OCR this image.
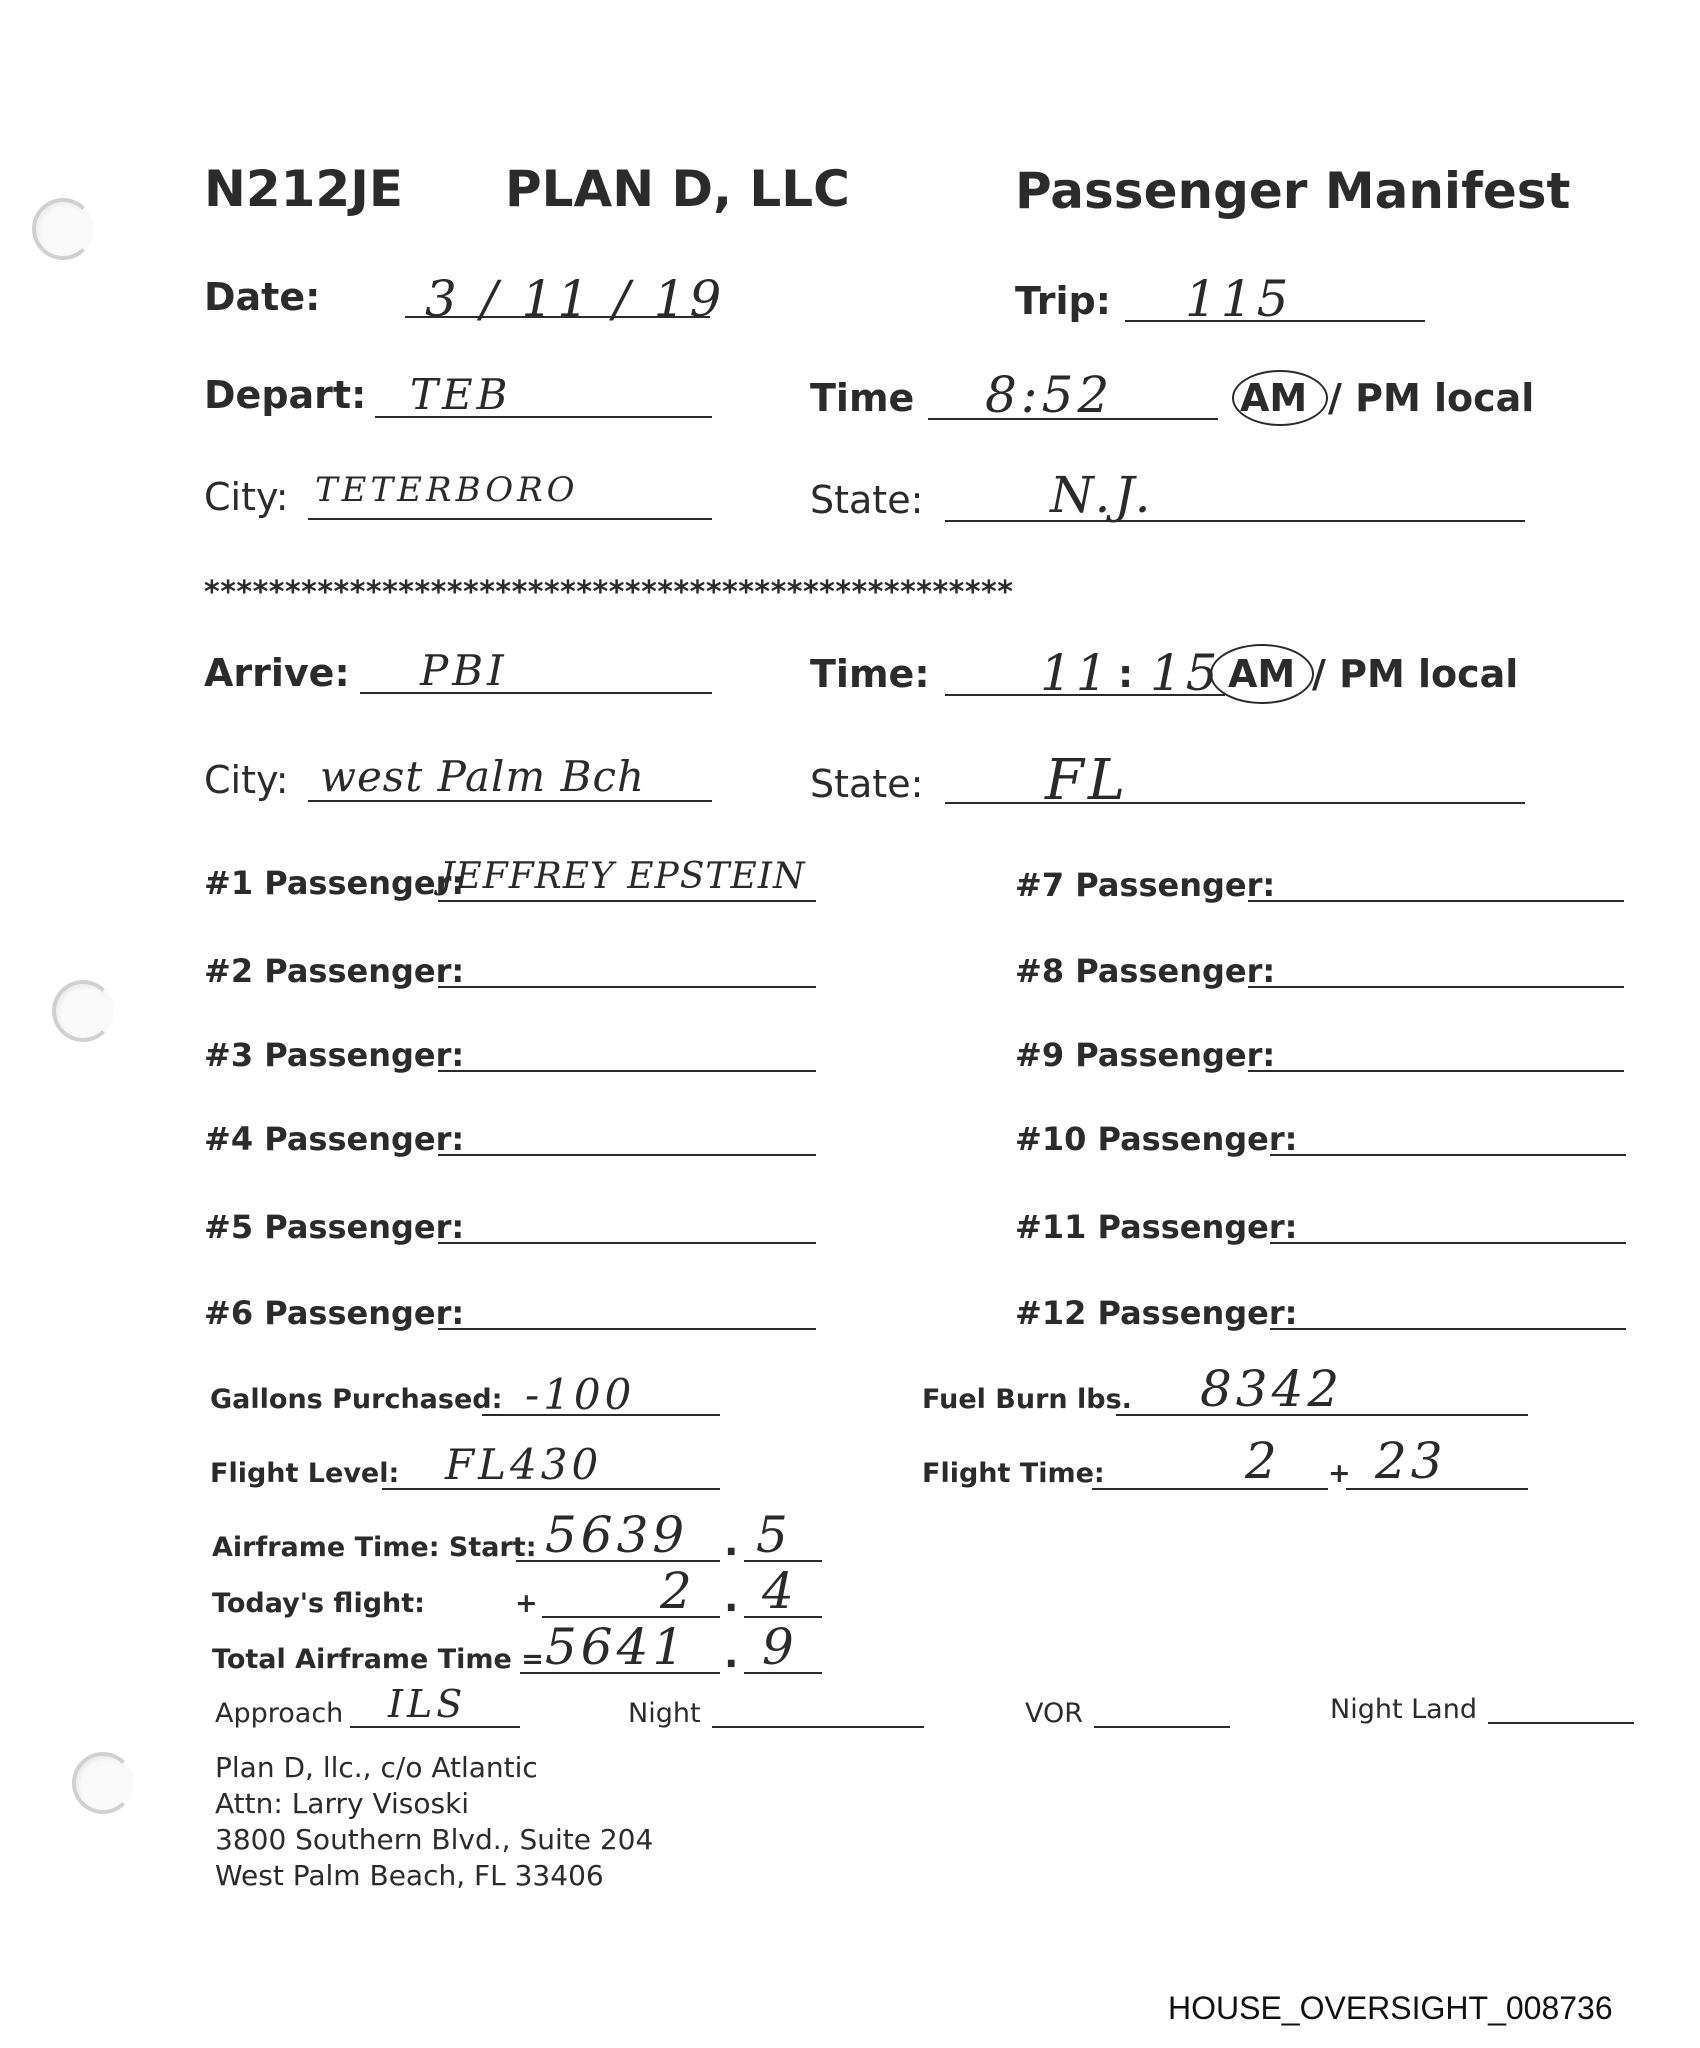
N212JE PLAN D, LLC	Passenger Manifest
Date: 3 / 11 / 19	Trip: 115
Depart: TEB	Time 8:52	AM / PM local
City: TETERBORO	State:	N.J.
**************************************************
Arrive: PBI	Time: 11 : 15 AM / PM local
City: west Palm Bch	State: FL
#1 Passenger:
JEFFREY EPSTEIN
#2 Passenger:
#3 Passenger:
#4 Passenger:
#5 Passenger:
#6 Passenger:
#7 Passenger:
#8 Passenger:
#9 Passenger:
#10 Passenger:
#11 Passenger:
#12 Passenger:
Gallons Purchased: -100	Fuel Burn lbs. 8342
Flight Level: FL430	Flight Time:	2 + 23
Airframe Time: Start: 5639 . 5
Today's flight:	+ 2 . 4
Total Airframe Time = 5641 . 9
Approach ILS	Night	VOR	Night Land
Plan D, llc., c/o Atlantic
Attn: Larry Visoski
3800 Southern Blvd., Suite 204
West Palm Beach, FL 33406
HOUSE_OVERSIGHT_008736
